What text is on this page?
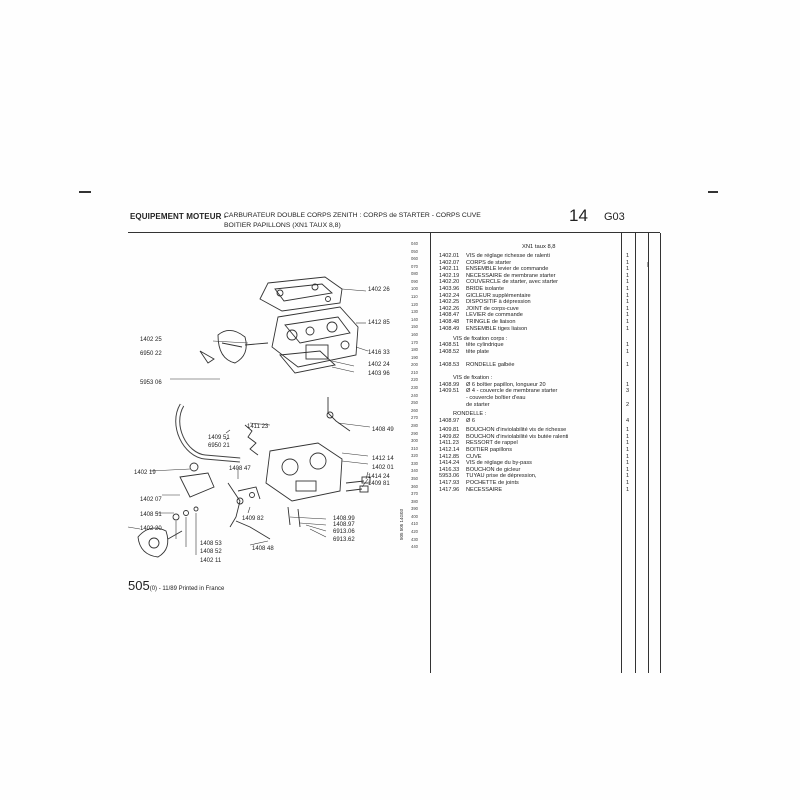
EQUIPEMENT MOTEUR -
CARBURATEUR DOUBLE CORPS ZENITH : CORPS de STARTER - CORPS CUVE
BOITIER PAPILLONS (XN1 TAUX 8,8)
14 G03
|
040
050
060
070
080
090
100
110
120
130
140
150
160
170
180
190
200
210
220
230
240
250
260
270
280
290
300
310
320
330
340
350
360
370
380
390
400
410
420
430
440
505 505 14G03
XN1 taux 8,8
1402.01 VIS de réglage richesse de ralenti	1
1402.07 CORPS de starter	1
1402.11 ENSEMBLE levier de commande	1
1402.19 NECESSAIRE de membrane starter	1
1402.20 COUVERCLE de starter, avec starter	1
1403.96 BRIDE isolante	1
1402.24 GICLEUR supplémentaire	1
1402.25 DISPOSITIF à dépression	1
1402.26 JOINT de corps-cuve	1
1408.47 LEVIER de commande	1
1408.48 TRINGLE de liaison	1
1408.49 ENSEMBLE tiges liaison	1
VIS de fixation corps :
1408.51 tête cylindrique	1
1408.52 tête plate	1
1408.53 RONDELLE galbée	1
VIS de fixation :
1408.99 Ø 6 boîtier papillon, longueur 20	1
1409.51 Ø 4 - couvercle de membrane starter	3
- couvercle boîtier d'eau
de starter	2
RONDELLE :
1408.97 Ø 6	4
1409.81 BOUCHON d'inviolabilité vis de richesse	1
1409.82 BOUCHON d'inviolabilité vis butée ralenti	1
1411.23 RESSORT de rappel	1
1412.14 BOITIER papillons	1
1412.85 CUVE	1
1414.24 VIS de réglage du by-pass	1
1416.33 BOUCHON de gicleur	1
5953.06 TUYAU prise de dépression,	1
1417.93 POCHETTE de joints	1
1417.96 NECESSAIRE	1
1402 26
1412 85
1402 25
6950 22	1416 33
1402 24
1403 96
5953 06
1411 23
1409 51
6950 21
1408 49
1402 19
1408 47
1412 14
1402 01
1414 24
1409 81
1402 07
1408 51
1409 82	1408.99
1408.97
6913.06
6913.62
1402 20
1408 53
1408 52	1408 48
1402 11
505(0) - 11/89 Printed in France
